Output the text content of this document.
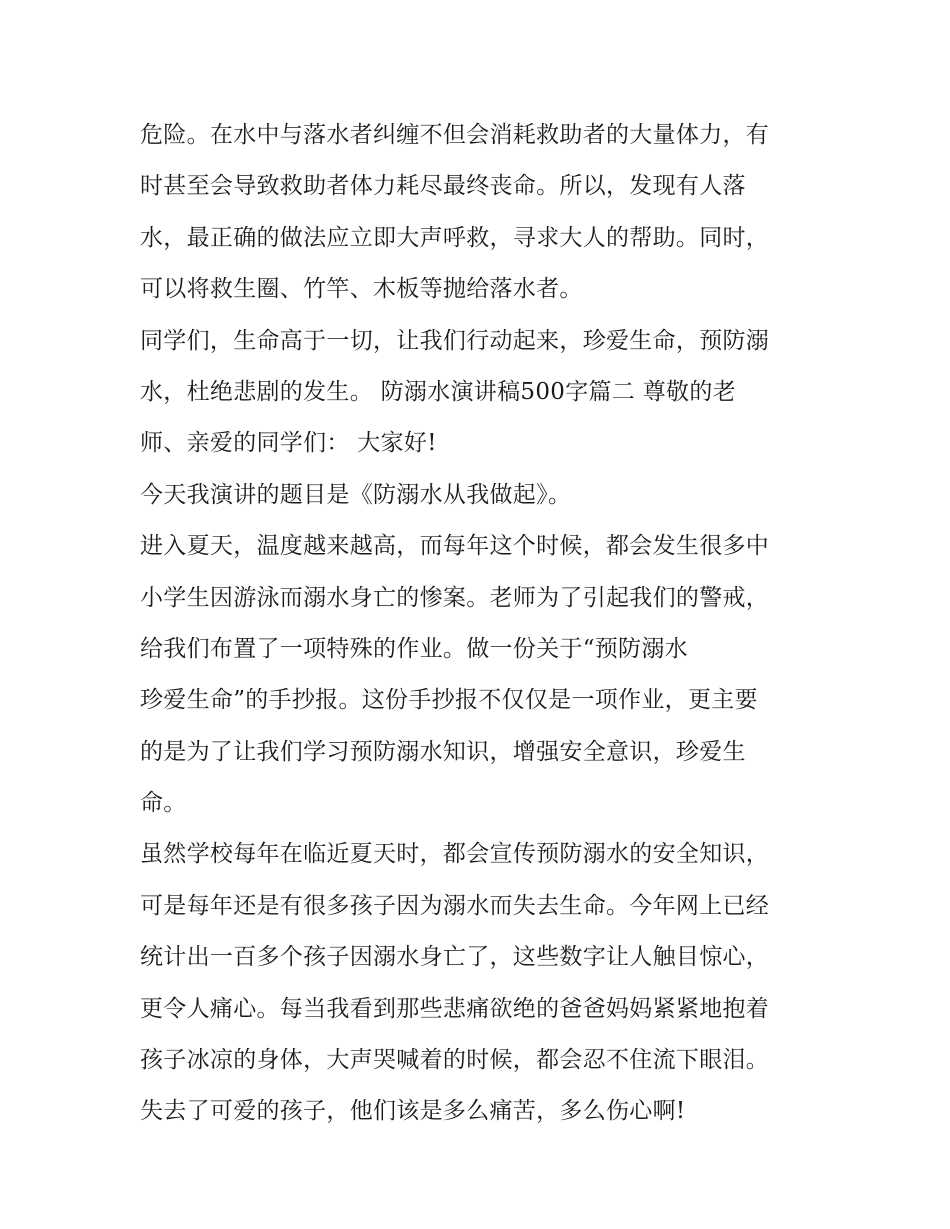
危险。在水中与落水者纠缠不但会消耗救助者的大量体力，有
时甚至会导致救助者体力耗尽最终丧命。所以，发现有人落
水，最正确的做法应立即大声呼救，寻求大人的帮助。同时，
可以将救生圈、竹竿、木板等抛给落水者。
同学们，生命高于一切，让我们行动起来，珍爱生命，预防溺
水，杜绝悲剧的发生。 防溺水演讲稿500字篇二 尊敬的老
师、亲爱的同学们： 大家好!
今天我演讲的题目是《防溺水从我做起》。
进入夏天，温度越来越高，而每年这个时候，都会发生很多中
小学生因游泳而溺水身亡的惨案。老师为了引起我们的警戒，
给我们布置了一项特殊的作业。做一份关于“预防溺水
珍爱生命”的手抄报。这份手抄报不仅仅是一项作业，更主要
的是为了让我们学习预防溺水知识，增强安全意识，珍爱生
命。
虽然学校每年在临近夏天时，都会宣传预防溺水的安全知识，
可是每年还是有很多孩子因为溺水而失去生命。今年网上已经
统计出一百多个孩子因溺水身亡了，这些数字让人触目惊心，
更令人痛心。每当我看到那些悲痛欲绝的爸爸妈妈紧紧地抱着
孩子冰凉的身体，大声哭喊着的时候，都会忍不住流下眼泪。
失去了可爱的孩子，他们该是多么痛苦，多么伤心啊!
